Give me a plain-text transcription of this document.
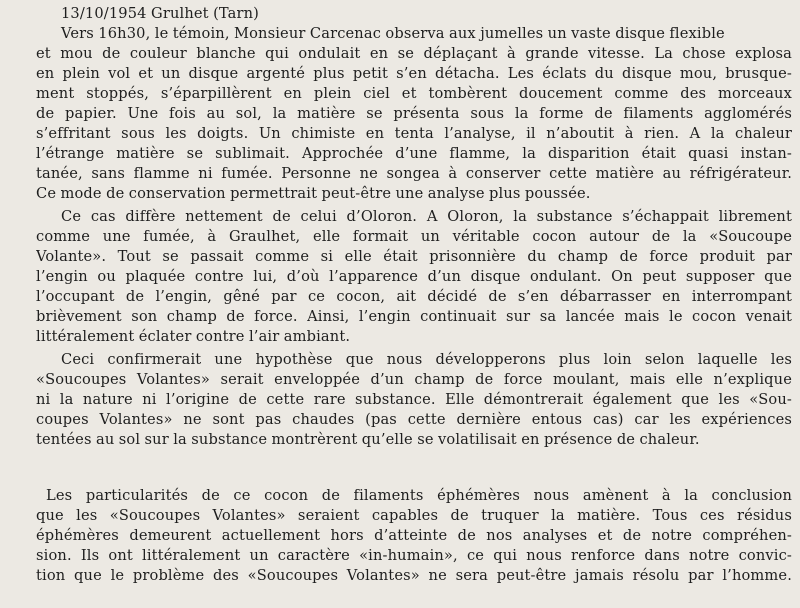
13/10/1954 Grulhet (Tarn)
Vers 16h30, le témoin, Monsieur Carcenac observa aux jumelles un vaste disque flexible
et mou de couleur blanche qui ondulait en se déplaçant à grande vitesse. La chose explosa
en plein vol et un disque argenté plus petit s’en détacha. Les éclats du disque mou, brusque-
ment stoppés, s’éparpillèrent en plein ciel et tombèrent doucement comme des morceaux
de papier. Une fois au sol, la matière se présenta sous la forme de filaments agglomérés
s’effritant sous les doigts. Un chimiste en tenta l’analyse, il n’aboutit à rien. A la chaleur
l’étrange matière se sublimait. Approchée d’une flamme, la disparition était quasi instan-
tanée, sans flamme ni fumée. Personne ne songea à conserver cette matière au réfrigérateur.
Ce mode de conservation permettrait peut-être une analyse plus poussée.
Ce cas diffère nettement de celui d’Oloron. A Oloron, la substance s’échappait librement
comme une fumée, à Graulhet, elle formait un véritable cocon autour de la «Soucoupe
Volante». Tout se passait comme si elle était prisonnière du champ de force produit par
l’engin ou plaquée contre lui, d’où l’apparence d’un disque ondulant. On peut supposer que
l’occupant de l’engin, gêné par ce cocon, ait décidé de s’en débarrasser en interrompant
brièvement son champ de force. Ainsi, l’engin continuait sur sa lancée mais le cocon venait
littéralement éclater contre l’air ambiant.
Ceci confirmerait une hypothèse que nous développerons plus loin selon laquelle les
«Soucoupes Volantes» serait enveloppée d’un champ de force moulant, mais elle n’explique
ni la nature ni l’origine de cette rare substance. Elle démontrerait également que les «Sou-
coupes Volantes» ne sont pas chaudes (pas cette dernière entous cas) car les expériences
tentées au sol sur la substance montrèrent qu’elle se volatilisait en présence de chaleur.
Les particularités de ce cocon de filaments éphémères nous amènent à la conclusion
que les «Soucoupes Volantes» seraient capables de truquer la matière. Tous ces résidus
éphémères demeurent actuellement hors d’atteinte de nos analyses et de notre compréhen-
sion. Ils ont littéralement un caractère «in-humain», ce qui nous renforce dans notre convic-
tion que le problème des «Soucoupes Volantes» ne sera peut-être jamais résolu par l’homme.
